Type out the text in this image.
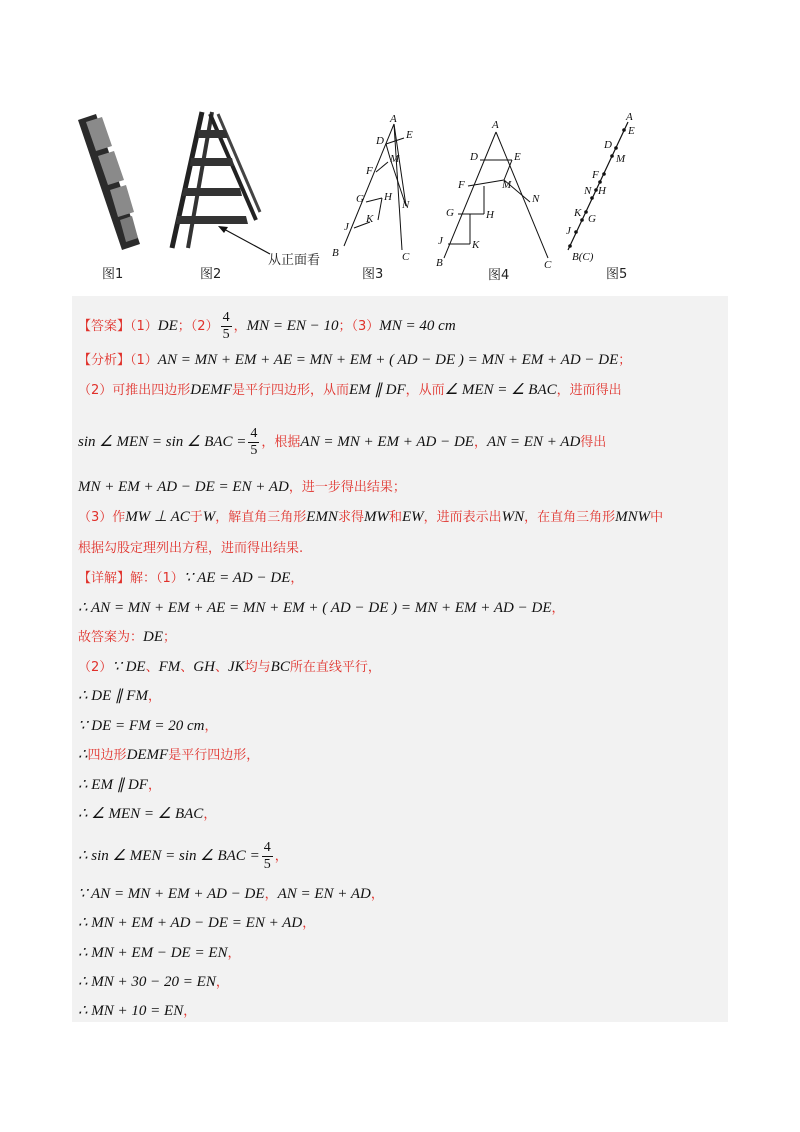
从正面看
图1	图2
A
E
D
M
F
N
G H
J
K
B	C
图3
A
D	E
F	M
N
G	H
J	K
B	C
图4
A
E
D
M
F
N H
K G
J
B(C)
图5
【答案】（1）DE；$(2) \frac{4}{5}$ ，MN = EN − 10；（3）MN = 40 cm
【分析】（1）AN = MN + EM + AE = MN + EM + ( AD − DE ) = MN + EM + AD − DE；
（2）可推出四边形DEMF是平行四边形，从而EM ∥ DF，从而∠ MEN = ∠ BAC，进而得出
sin ∠ MEN = sin ∠ BAC = $\frac{4}{5}$ ，根据AN = MN + EM + AD − DE，AN = EN + AD得出
MN + EM + AD − DE = EN + AD，进一步得出结果；
（3）作MW ⊥ AC于W，解直角三角形EMN求得MW和EW，进而表示出WN，在直角三角形MNW中
根据勾股定理列出方程，进而得出结果.
【详解】解：（1）∵ AE = AD − DE，
∴ AN = MN + EM + AE = MN + EM + ( AD − DE ) = MN + EM + AD − DE，
故答案为：DE；
（2）∵ DE、FM、GH、JK均与BC所在直线平行，
∴ DE ∥ FM，
∵ DE = FM = 20 cm，
∴四边形DEMF是平行四边形，
∴ EM ∥ DF，
∴ ∠ MEN = ∠ BAC，
∴ sin ∠ MEN = sin ∠ BAC = $\frac{4}{5}$ ，
∵ AN = MN + EM + AD − DE，AN = EN + AD，
∴ MN + EM + AD − DE = EN + AD，
∴ MN + EM − DE = EN，
∴ MN + 30 − 20 = EN，
∴ MN + 10 = EN，
